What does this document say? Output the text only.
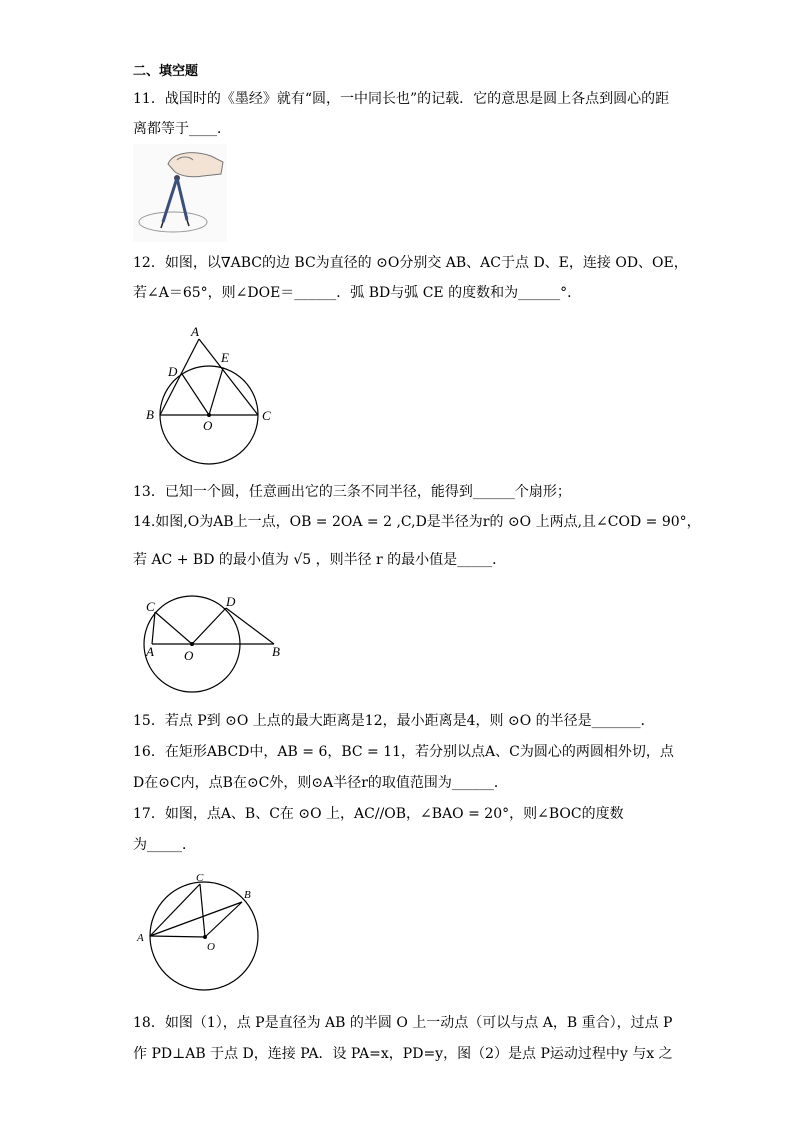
二、填空题
11．战国时的《墨经》就有“圆，一中同长也”的记载．它的意思是圆上各点到圆心的距
离都等于____．
12．如图，以∇ABC的边 BC为直径的 ⊙O分别交 AB、AC于点 D、E，连接 OD、OE，
若∠A＝65°，则∠DOE＝______．弧 BD与弧 CE 的度数和为______°．
A
B	C
D
E
O
13．已知一个圆，任意画出它的三条不同半径，能得到______个扇形；
14.如图,O为AB上一点，OB = 2OA = 2 ,C,D是半径为r的 ⊙O 上两点,且∠COD = 90°，
若 AC + BD 的最小值为 √5 ，则半径 r 的最小值是_____．
C
A O
D
B
15．若点 P到 ⊙O 上点的最大距离是12，最小距离是4，则 ⊙O 的半径是_______．
16．在矩形ABCD中，AB = 6，BC = 11，若分别以点A、C为圆心的两圆相外切，点
D在⊙C内，点B在⊙C外，则⊙A半径r的取值范围为______．
17．如图，点A、B、C在 ⊙O 上，AC//OB，∠BAO = 20°，则∠BOC的度数
为_____．
C
B
A
O
18．如图（1），点 P是直径为 AB 的半圆 O 上一动点（可以与点 A，B 重合），过点 P
作 PD⊥AB 于点 D，连接 PA．设 PA=x，PD=y，图（2）是点 P运动过程中y 与x 之
